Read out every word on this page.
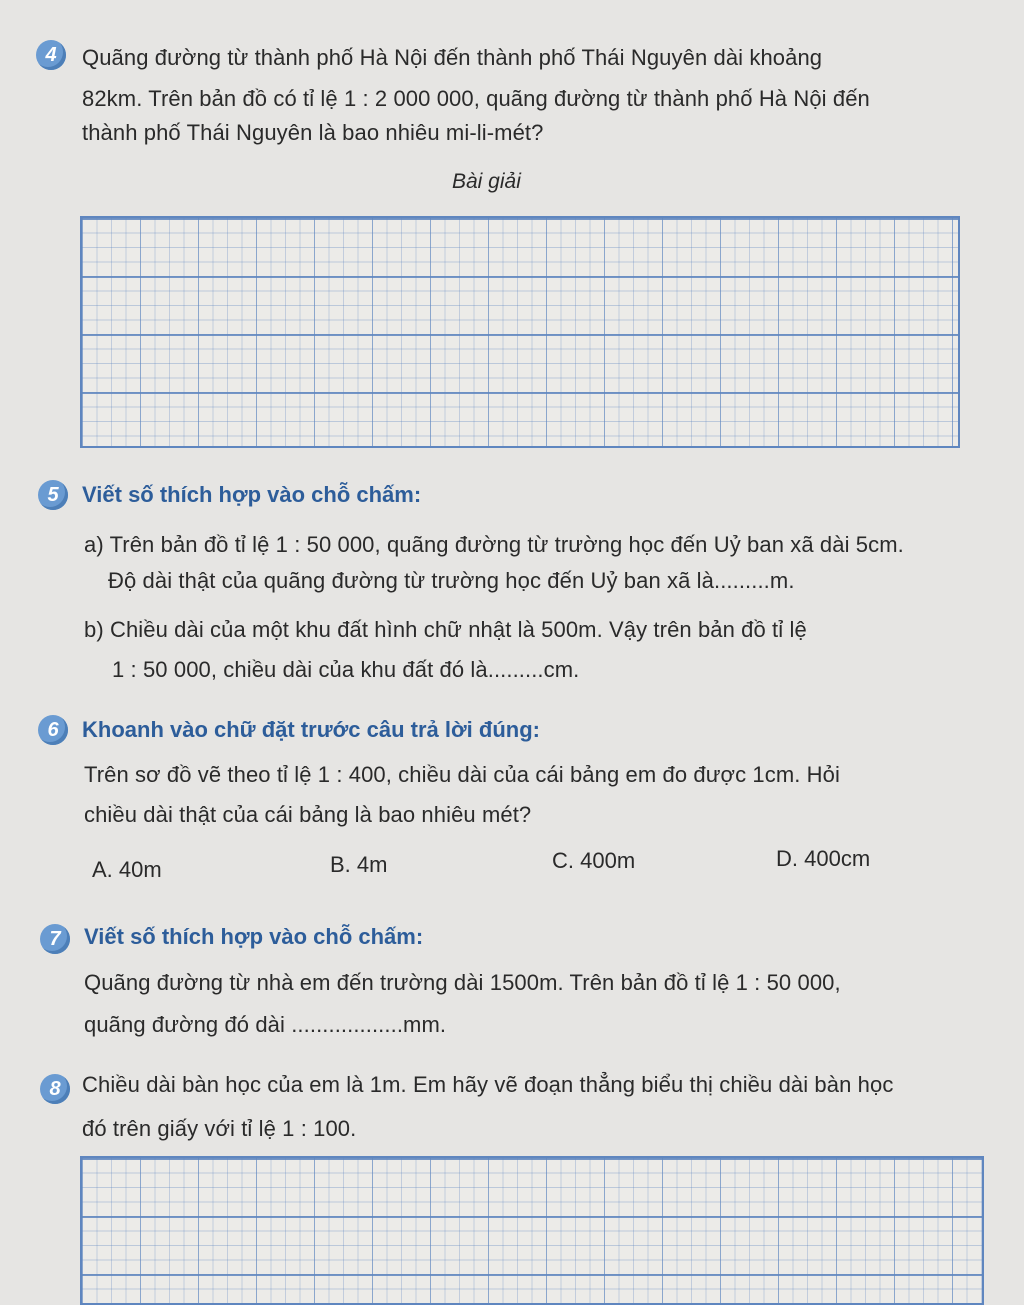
4	Quãng đường từ thành phố Hà Nội đến thành phố Thái Nguyên dài khoảng
82km. Trên bản đồ có tỉ lệ 1 : 2 000 000, quãng đường từ thành phố Hà Nội đến
thành phố Thái Nguyên là bao nhiêu mi-li-mét?
Bài giải
5	Viết số thích hợp vào chỗ chấm:
a) Trên bản đồ tỉ lệ 1 : 50 000, quãng đường từ trường học đến Uỷ ban xã dài 5cm.
Độ dài thật của quãng đường từ trường học đến Uỷ ban xã là.........m.
b) Chiều dài của một khu đất hình chữ nhật là 500m. Vậy trên bản đồ tỉ lệ
1 : 50 000, chiều dài của khu đất đó là.........cm.
6	Khoanh vào chữ đặt trước câu trả lời đúng:
Trên sơ đồ vẽ theo tỉ lệ 1 : 400, chiều dài của cái bảng em đo được 1cm. Hỏi
chiều dài thật của cái bảng là bao nhiêu mét?
A. 40m	B. 4m	C. 400m	D. 400cm
7	Viết số thích hợp vào chỗ chấm:
Quãng đường từ nhà em đến trường dài 1500m. Trên bản đồ tỉ lệ 1 : 50 000,
quãng đường đó dài ..................mm.
8 Chiều dài bàn học của em là 1m. Em hãy vẽ đoạn thẳng biểu thị chiều dài bàn học
đó trên giấy với tỉ lệ 1 : 100.
